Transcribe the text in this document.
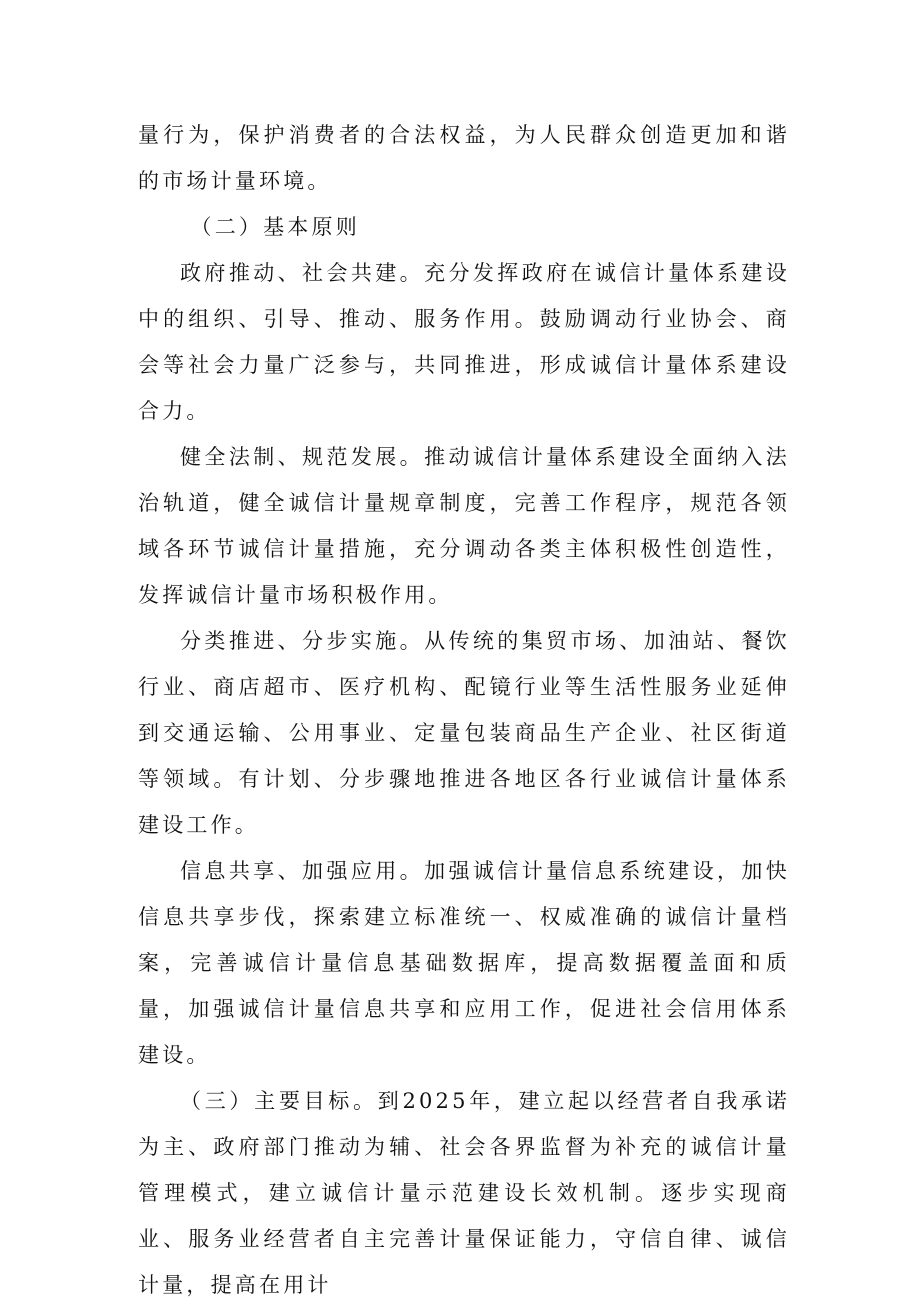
量行为，保护消费者的合法权益，为人民群众创造更加和谐的市场计量环境。

（二）基本原则

政府推动、社会共建。充分发挥政府在诚信计量体系建设中的组织、引导、推动、服务作用。鼓励调动行业协会、商会等社会力量广泛参与，共同推进，形成诚信计量体系建设合力。

健全法制、规范发展。推动诚信计量体系建设全面纳入法治轨道，健全诚信计量规章制度，完善工作程序，规范各领域各环节诚信计量措施，充分调动各类主体积极性创造性，发挥诚信计量市场积极作用。

分类推进、分步实施。从传统的集贸市场、加油站、餐饮行业、商店超市、医疗机构、配镜行业等生活性服务业延伸到交通运输、公用事业、定量包装商品生产企业、社区街道等领域。有计划、分步骤地推进各地区各行业诚信计量体系建设工作。

信息共享、加强应用。加强诚信计量信息系统建设，加快信息共享步伐，探索建立标准统一、权威准确的诚信计量档案，完善诚信计量信息基础数据库，提高数据覆盖面和质量，加强诚信计量信息共享和应用工作，促进社会信用体系建设。

（三）主要目标。到2025年，建立起以经营者自我承诺为主、政府部门推动为辅、社会各界监督为补充的诚信计量管理模式，建立诚信计量示范建设长效机制。逐步实现商业、服务业经营者自主完善计量保证能力，守信自律、诚信计量，提高在用计
